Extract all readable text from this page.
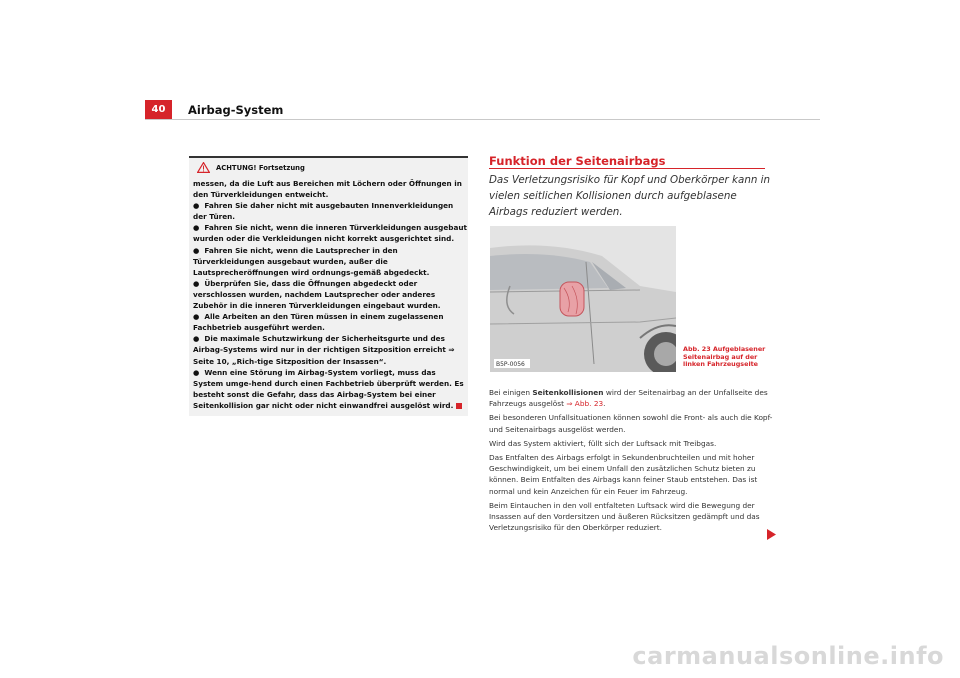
40	Airbag-System
ACHTUNG! Fortsetzung
messen, da die Luft aus Bereichen mit Löchern oder Öffnungen in den Türverkleidungen entweicht.
● Fahren Sie daher nicht mit ausgebauten Innenverkleidungen der Türen.
● Fahren Sie nicht, wenn die inneren Türverkleidungen ausgebaut wurden oder die Verkleidungen nicht korrekt ausgerichtet sind.
● Fahren Sie nicht, wenn die Lautsprecher in den Türverkleidungen ausgebaut wurden, außer die Lautsprecheröffnungen wird ordnungs-gemäß abgedeckt.
● Überprüfen Sie, dass die Öffnungen abgedeckt oder verschlossen wurden, nachdem Lautsprecher oder anderes Zubehör in die inneren Türverkleidungen eingebaut wurden.
● Alle Arbeiten an den Türen müssen in einem zugelassenen Fachbetrieb ausgeführt werden.
● Die maximale Schutzwirkung der Sicherheitsgurte und des Airbag-Systems wird nur in der richtigen Sitzposition erreicht ⇒ Seite 10, „Rich-tige Sitzposition der Insassen“.
● Wenn eine Störung im Airbag-System vorliegt, muss das System umge-hend durch einen Fachbetrieb überprüft werden. Es besteht sonst die Gefahr, dass das Airbag-System bei einer Seitenkollision gar nicht oder nicht einwandfrei ausgelöst wird.
Funktion der Seitenairbags
Das Verletzungsrisiko für Kopf und Oberkörper kann in vielen seitlichen Kollisionen durch aufgeblasene Airbags reduziert werden.
B5P-0056
Abb. 23 Aufgeblasener Seitenairbag auf der linken Fahrzeugseite

Bei einigen Seitenkollisionen wird der Seitenairbag an der Unfallseite des Fahrzeugs ausgelöst ⇒ Abb. 23.

Bei besonderen Unfallsituationen können sowohl die Front- als auch die Kopf- und Seitenairbags ausgelöst werden.

Wird das System aktiviert, füllt sich der Luftsack mit Treibgas.

Das Entfalten des Airbags erfolgt in Sekundenbruchteilen und mit hoher Geschwindigkeit, um bei einem Unfall den zusätzlichen Schutz bieten zu können. Beim Entfalten des Airbags kann feiner Staub entstehen. Das ist normal und kein Anzeichen für ein Feuer im Fahrzeug.

Beim Eintauchen in den voll entfalteten Luftsack wird die Bewegung der Insassen auf den Vordersitzen und äußeren Rücksitzen gedämpft und das Verletzungsrisiko für den Oberkörper reduziert.

carmanualsonline.info
